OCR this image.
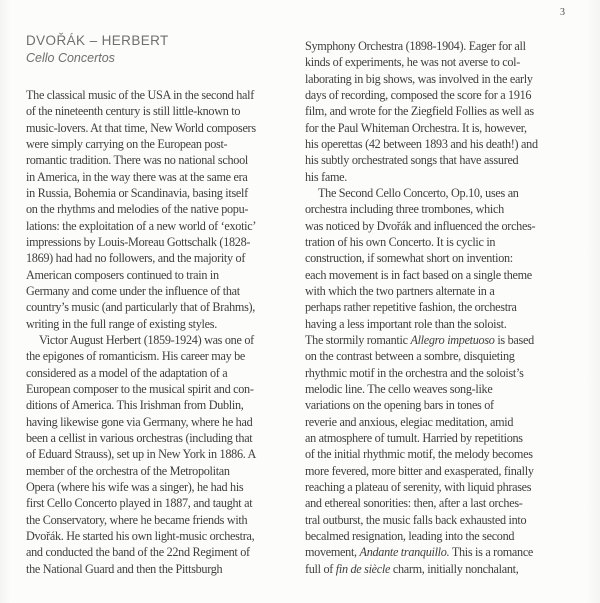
3
DVOŘÁK – HERBERT

Cello Concertos

The classical music of the USA in the second half
of the nineteenth century is still little-known to
music-lovers. At that time, New World composers
were simply carrying on the European post-
romantic tradition. There was no national school
in America, in the way there was at the same era
in Russia, Bohemia or Scandinavia, basing itself
on the rhythms and melodies of the native popu-
lations: the exploitation of a new world of ‘exotic’
impressions by Louis-Moreau Gottschalk (1828-
1869) had had no followers, and the majority of
American composers continued to train in
Germany and come under the influence of that
country’s music (and particularly that of Brahms),
writing in the full range of existing styles.
Victor August Herbert (1859-1924) was one of
the epigones of romanticism. His career may be
considered as a model of the adaptation of a
European composer to the musical spirit and con-
ditions of America. This Irishman from Dublin,
having likewise gone via Germany, where he had
been a cellist in various orchestras (including that
of Eduard Strauss), set up in New York in 1886. A
member of the orchestra of the Metropolitan
Opera (where his wife was a singer), he had his
first Cello Concerto played in 1887, and taught at
the Conservatory, where he became friends with
Dvořák. He started his own light-music orchestra,
and conducted the band of the 22nd Regiment of
the National Guard and then the Pittsburgh
Symphony Orchestra (1898-1904). Eager for all
kinds of experiments, he was not averse to col-
laborating in big shows, was involved in the early
days of recording, composed the score for a 1916
film, and wrote for the Ziegfield Follies as well as
for the Paul Whiteman Orchestra. It is, however,
his operettas (42 between 1893 and his death!) and
his subtly orchestrated songs that have assured
his fame.
The Second Cello Concerto, Op.10, uses an
orchestra including three trombones, which
was noticed by Dvořák and influenced the orches-
tration of his own Concerto. It is cyclic in
construction, if somewhat short on invention:
each movement is in fact based on a single theme
with which the two partners alternate in a
perhaps rather repetitive fashion, the orchestra
having a less important role than the soloist.
The stormily romantic Allegro impetuoso is based
on the contrast between a sombre, disquieting
rhythmic motif in the orchestra and the soloist’s
melodic line. The cello weaves song-like
variations on the opening bars in tones of
reverie and anxious, elegiac meditation, amid
an atmosphere of tumult. Harried by repetitions
of the initial rhythmic motif, the melody becomes
more fevered, more bitter and exasperated, finally
reaching a plateau of serenity, with liquid phrases
and ethereal sonorities: then, after a last orches-
tral outburst, the music falls back exhausted into
becalmed resignation, leading into the second
movement, Andante tranquillo. This is a romance
full of fin de siècle charm, initially nonchalant,
